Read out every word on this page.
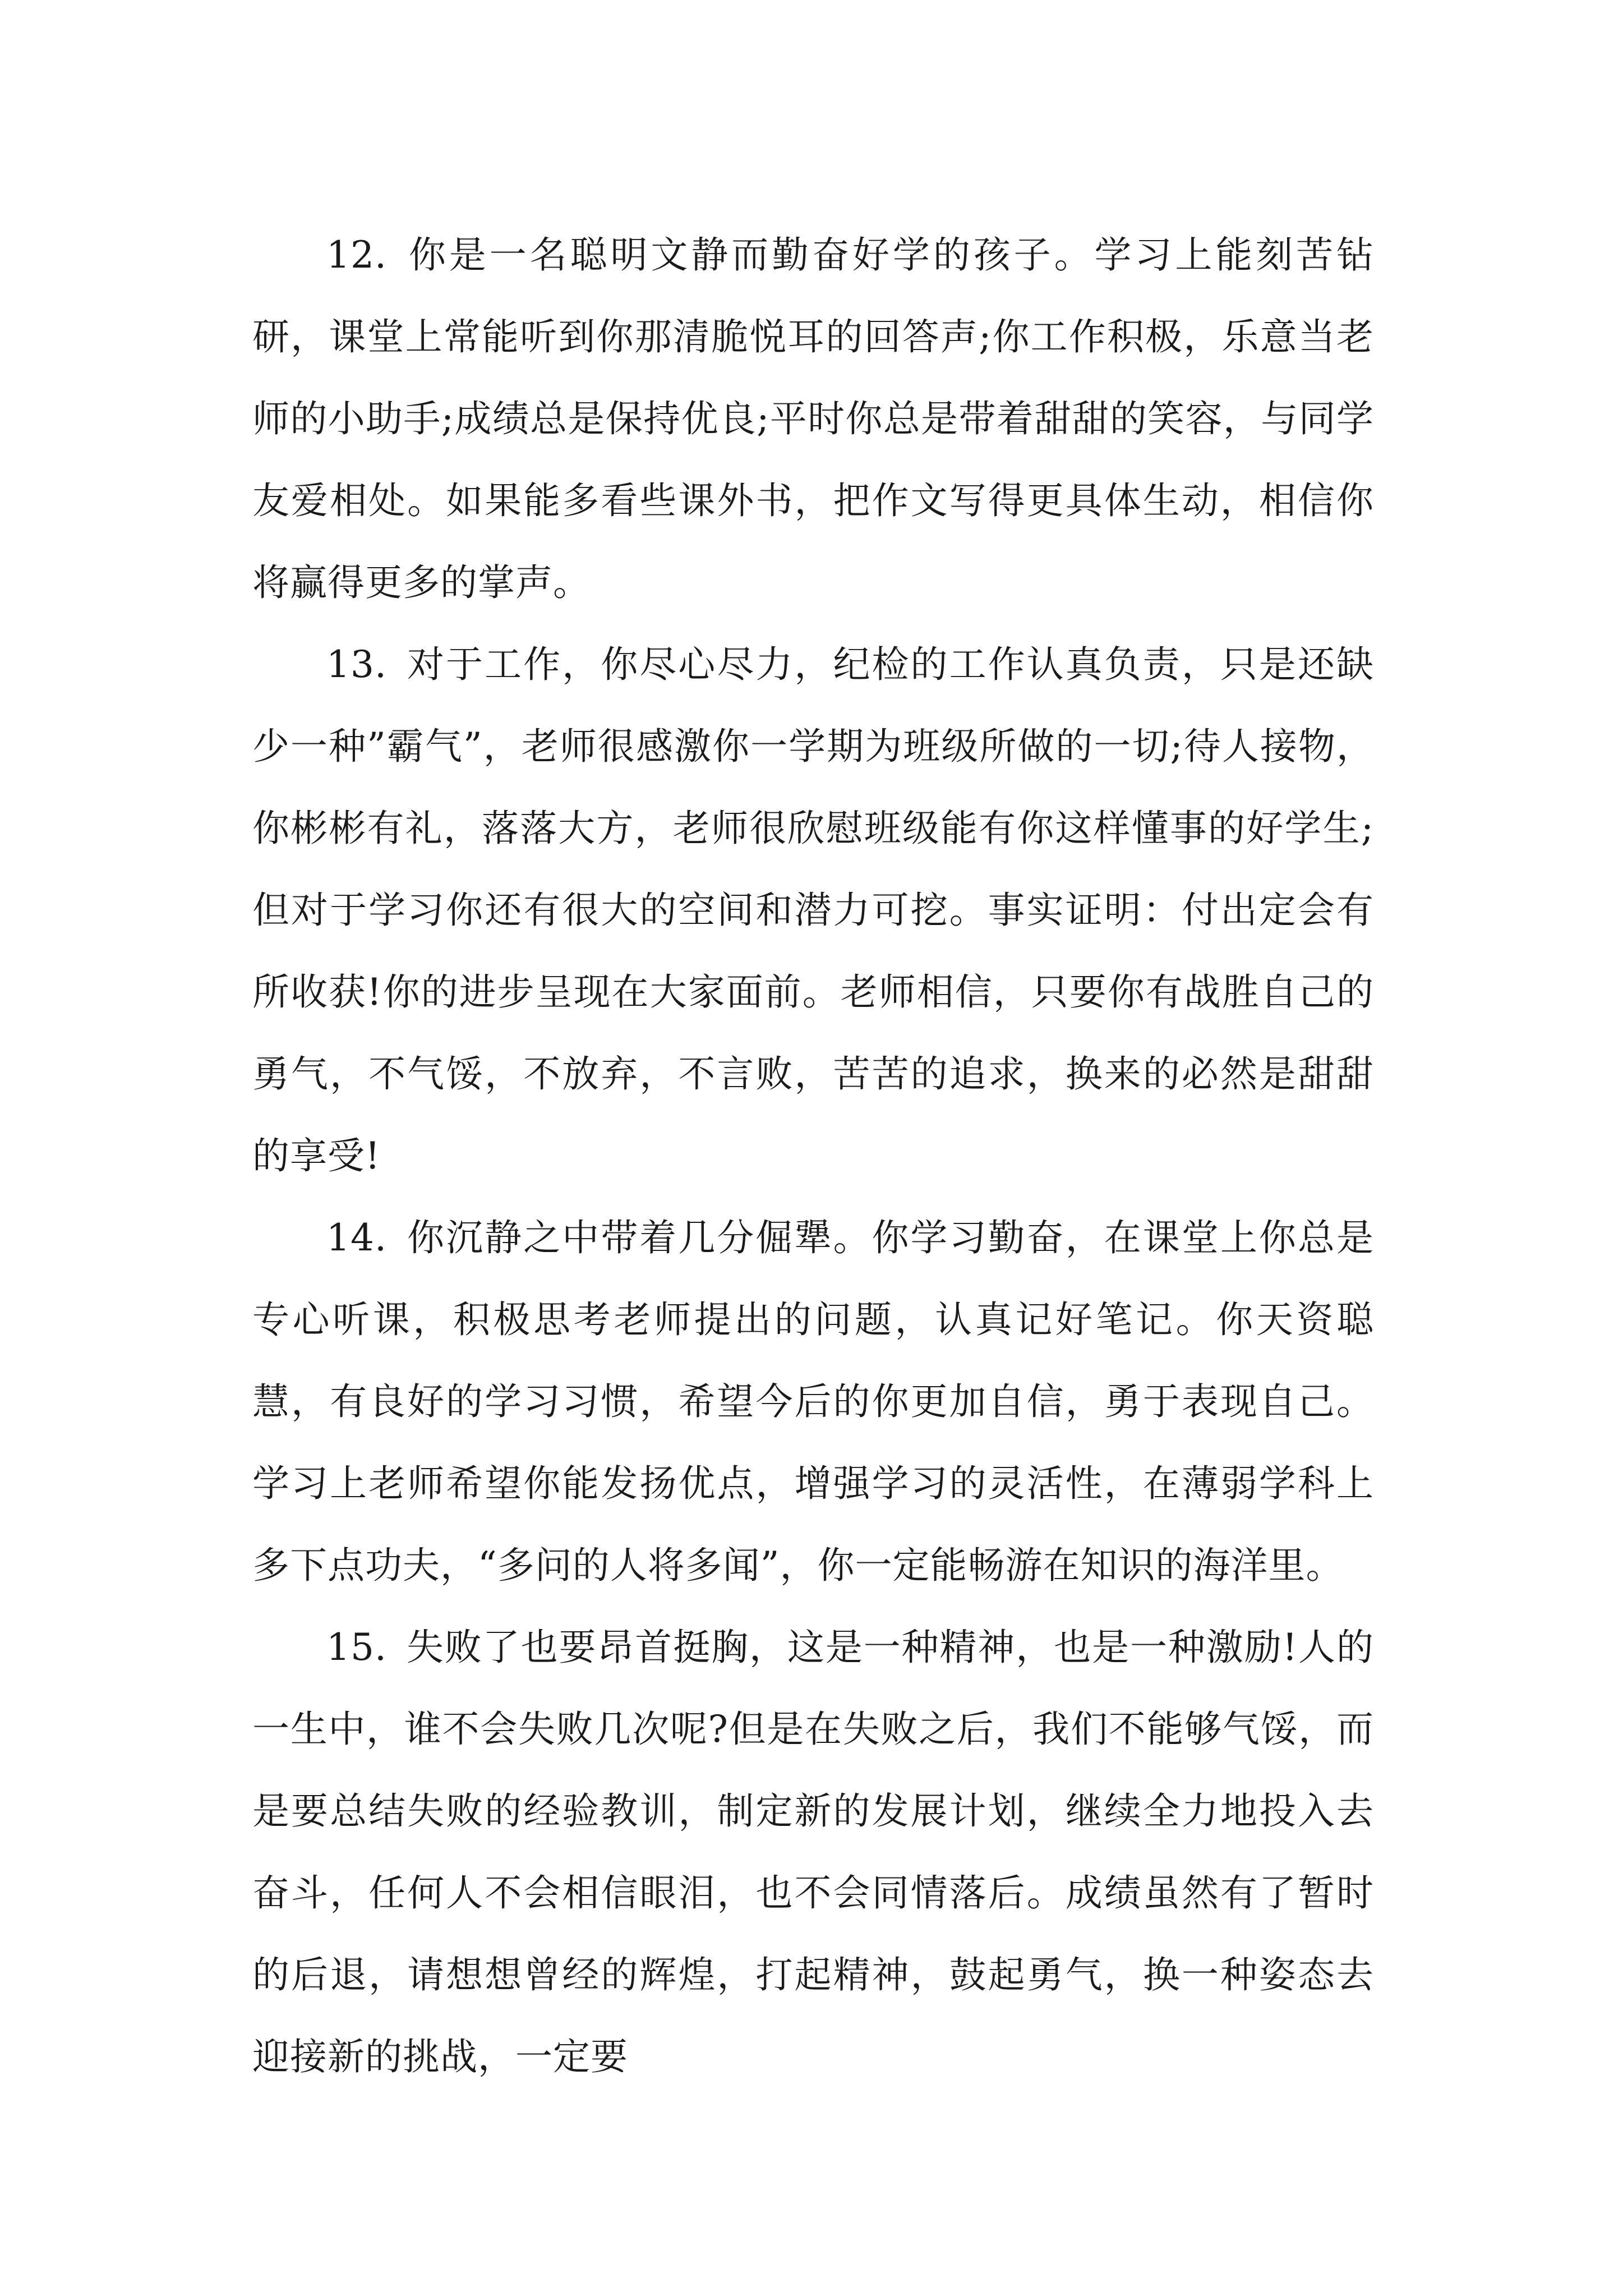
12.  你是一名聪明文静而勤奋好学的孩子。学习上能刻苦钻研，课堂上常能听到你那清脆悦耳的回答声;你工作积极，乐意当老师的小助手;成绩总是保持优良;平时你总是带着甜甜的笑容，与同学友爱相处。如果能多看些课外书，把作文写得更具体生动，相信你将赢得更多的掌声。

13.  对于工作，你尽心尽力，纪检的工作认真负责，只是还缺少一种”霸气”，老师很感激你一学期为班级所做的一切;待人接物，你彬彬有礼，落落大方，老师很欣慰班级能有你这样懂事的好学生;但对于学习你还有很大的空间和潜力可挖。事实证明：付出定会有所收获!你的进步呈现在大家面前。老师相信，只要你有战胜自己的勇气，不气馁，不放弃，不言败，苦苦的追求，换来的必然是甜甜的享受!

14.  你沉静之中带着几分倔犟。你学习勤奋，在课堂上你总是专心听课，积极思考老师提出的问题，认真记好笔记。你天资聪慧，有良好的学习习惯，希望今后的你更加自信，勇于表现自己。学习上老师希望你能发扬优点，增强学习的灵活性，在薄弱学科上多下点功夫，“多问的人将多闻”，你一定能畅游在知识的海洋里。

15.  失败了也要昂首挺胸，这是一种精神，也是一种激励!人的一生中，谁不会失败几次呢?但是在失败之后，我们不能够气馁，而是要总结失败的经验教训，制定新的发展计划，继续全力地投入去奋斗，任何人不会相信眼泪，也不会同情落后。成绩虽然有了暂时的后退，请想想曾经的辉煌，打起精神，鼓起勇气，换一种姿态去迎接新的挑战，一定要
